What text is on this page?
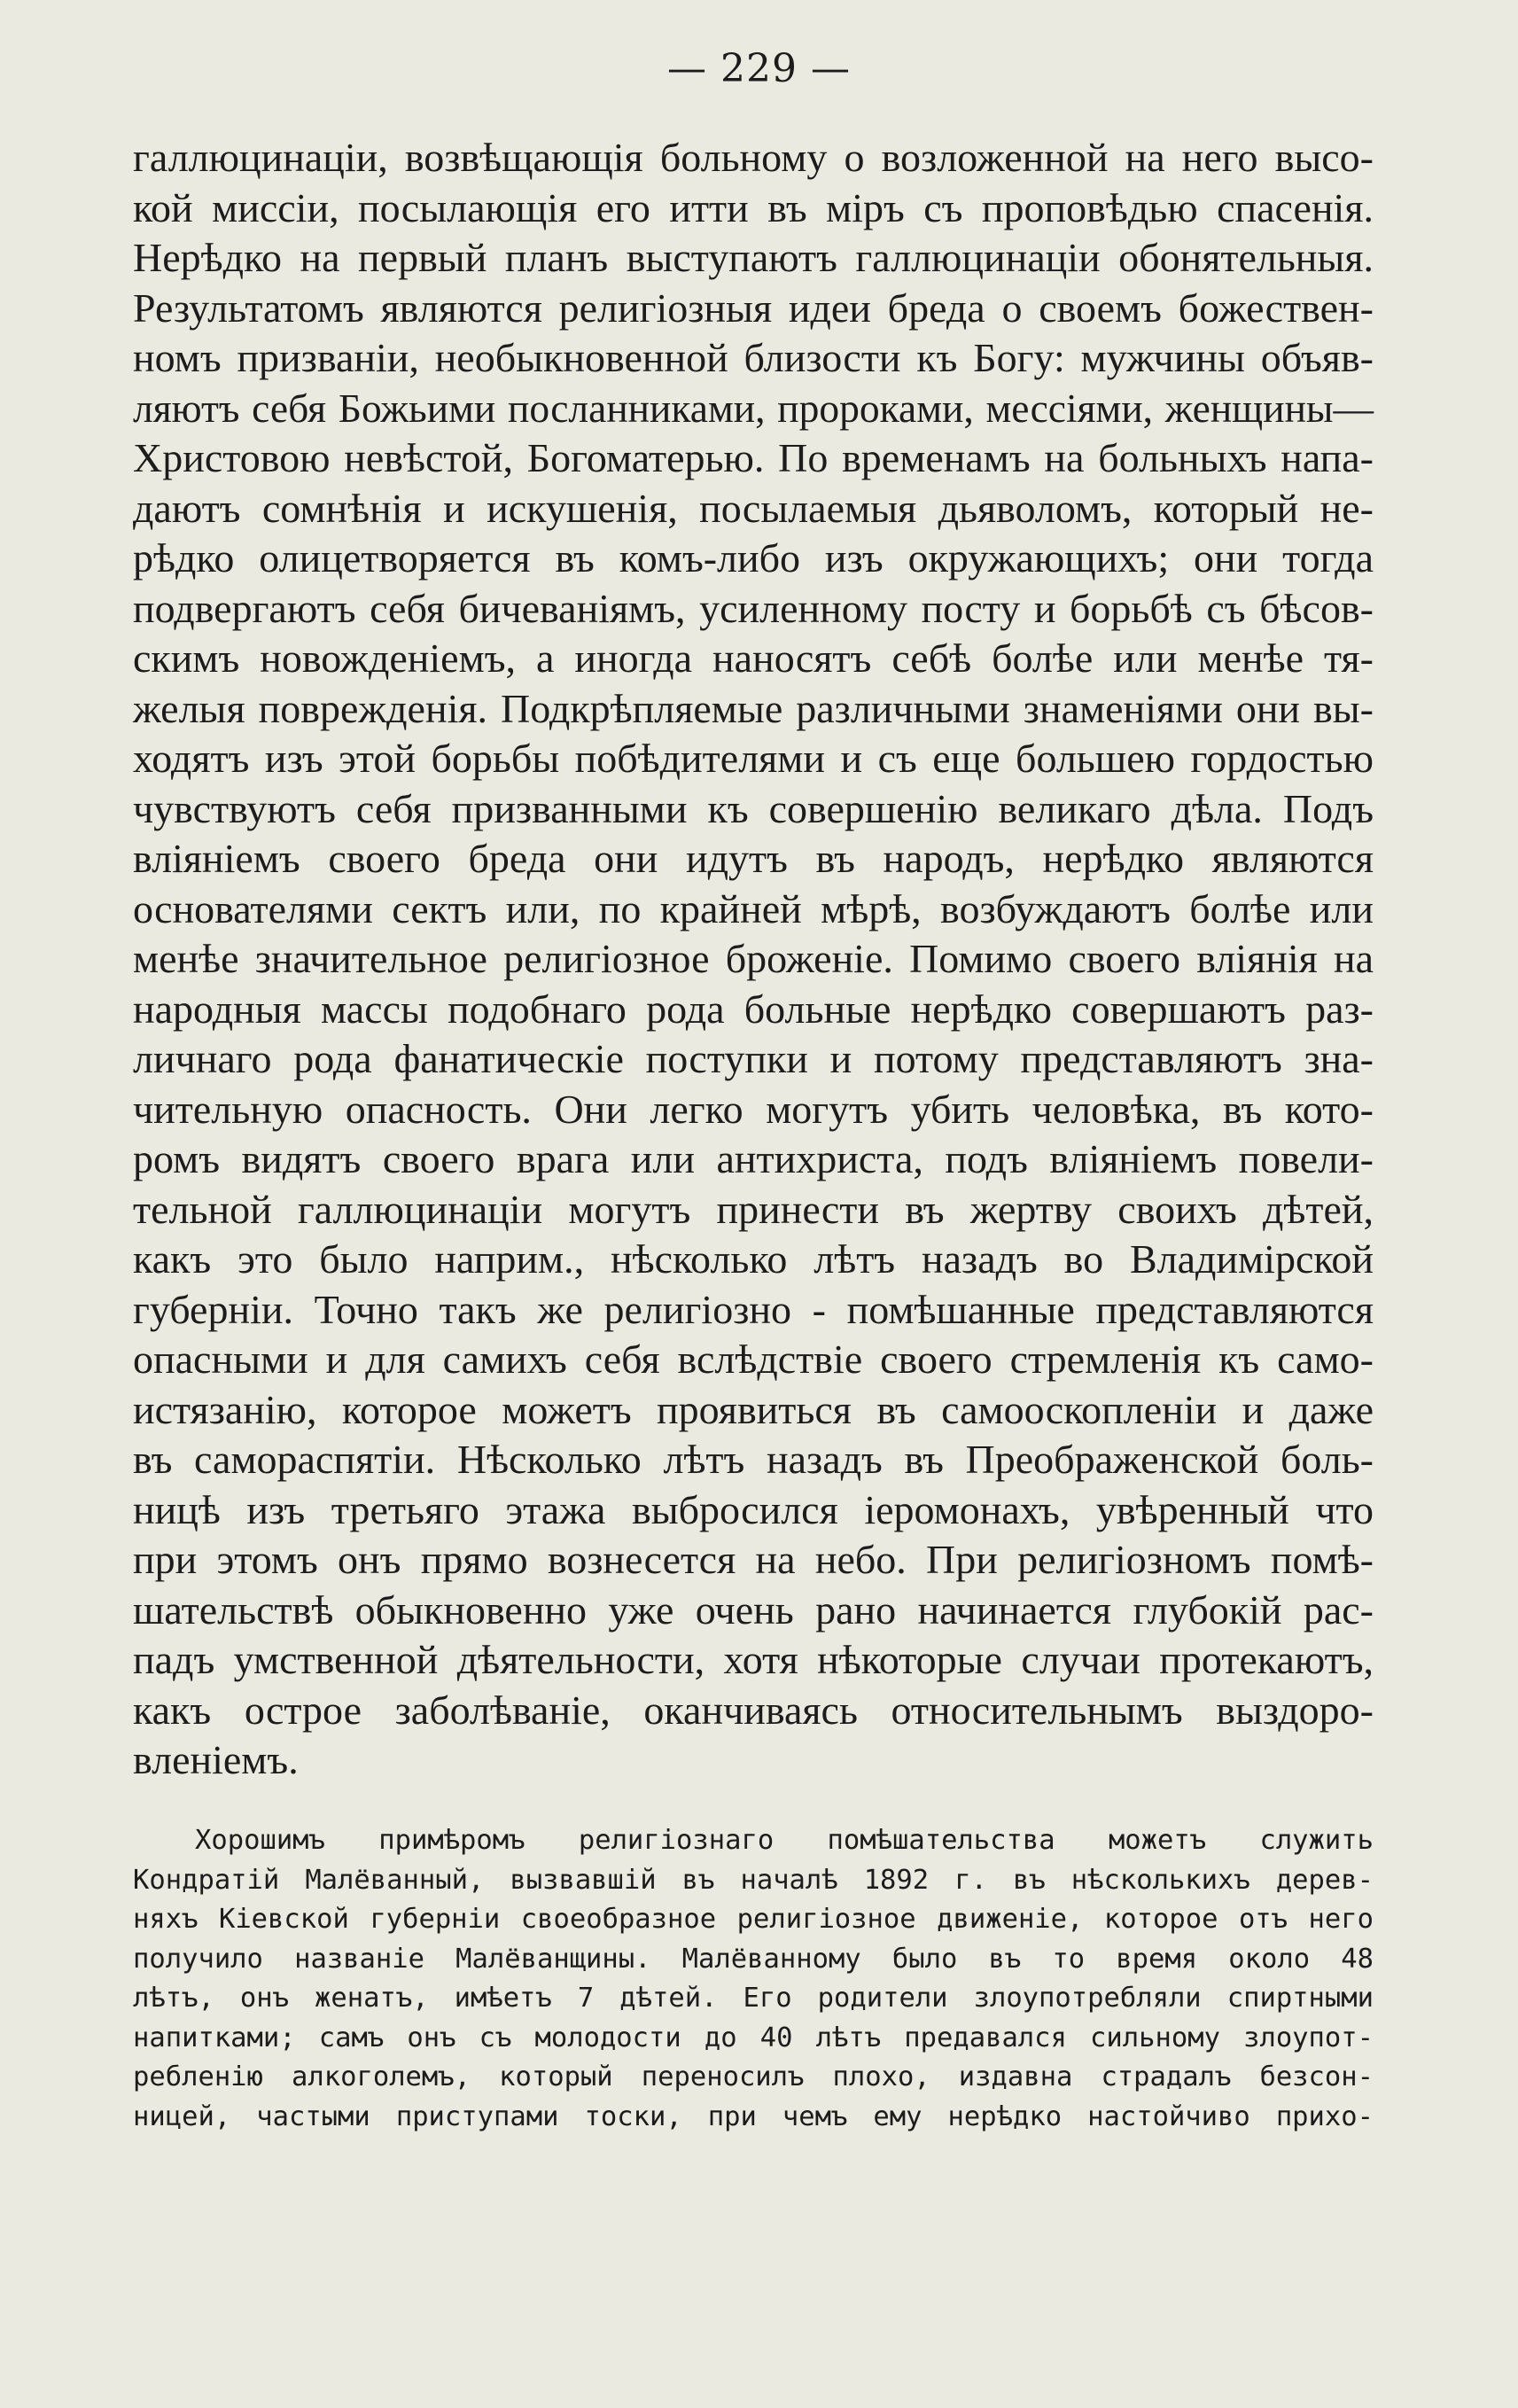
— 229 —
галлюцинаціи, возвѣщающія больному о возложенной на него высо-
кой миссіи, посылающія его итти въ міръ съ проповѣдью спасенія.
Нерѣдко на первый планъ выступаютъ галлюцинаціи обонятельныя.
Результатомъ являются религіозныя идеи бреда о своемъ божествен-
номъ призваніи, необыкновенной близости къ Богу: мужчины объяв-
ляютъ себя Божьими посланниками, пророками, мессіями, женщины—
Христовою невѣстой, Богоматерью. По временамъ на больныхъ напа-
даютъ сомнѣнія и искушенія, посылаемыя дьяволомъ, который не-
рѣдко олицетворяется въ комъ-либо изъ окружающихъ; они тогда
подвергаютъ себя бичеваніямъ, усиленному посту и борьбѣ съ бѣсов-
скимъ новожденіемъ, а иногда наносятъ себѣ болѣе или менѣе тя-
желыя поврежденія. Подкрѣпляемые различными знаменіями они вы-
ходятъ изъ этой борьбы побѣдителями и съ еще большею гордостью
чувствуютъ себя призванными къ совершенію великаго дѣла. Подъ
вліяніемъ своего бреда они идутъ въ народъ, нерѣдко являются
основателями сектъ или, по крайней мѣрѣ, возбуждаютъ болѣе или
менѣе значительное религіозное броженіе. Помимо своего вліянія на
народныя массы подобнаго рода больные нерѣдко совершаютъ раз-
личнаго рода фанатическіе поступки и потому представляютъ зна-
чительную опасность. Они легко могутъ убить человѣка, въ кото-
ромъ видятъ своего врага или антихриста, подъ вліяніемъ повели-
тельной галлюцинаціи могутъ принести въ жертву своихъ дѣтей,
какъ это было наприм., нѣсколько лѣтъ назадъ во Владимірской
губерніи. Точно такъ же религіозно - помѣшанные представляются
опасными и для самихъ себя вслѣдствіе своего стремленія къ само-
истязанію, которое можетъ проявиться въ самооскопленіи и даже
въ самораспятіи. Нѣсколько лѣтъ назадъ въ Преображенской боль-
ницѣ изъ третьяго этажа выбросился іеромонахъ, увѣренный что
при этомъ онъ прямо вознесется на небо. При религіозномъ помѣ-
шательствѣ обыкновенно уже очень рано начинается глубокій рас-
падъ умственной дѣятельности, хотя нѣкоторые случаи протекаютъ,
какъ острое заболѣваніе, оканчиваясь относительнымъ выздоро-
вленіемъ.
Хорошимъ примѣромъ религіознаго помѣшательства можетъ служить
Кондратій Малёванный, вызвавшій въ началѣ 1892 г. въ нѣсколькихъ дерев-
няхъ Кіевской губерніи своеобразное религіозное движеніе, которое отъ него
получило названіе Малёванщины. Малёванному было въ то время около 48
лѣтъ, онъ женатъ, имѣетъ 7 дѣтей. Его родители злоупотребляли спиртными
напитками; самъ онъ съ молодости до 40 лѣтъ предавался сильному злоупот-
ребленію алкоголемъ, который переносилъ плохо, издавна страдалъ безсон-
ницей, частыми приступами тоски, при чемъ ему нерѣдко настойчиво прихо-
